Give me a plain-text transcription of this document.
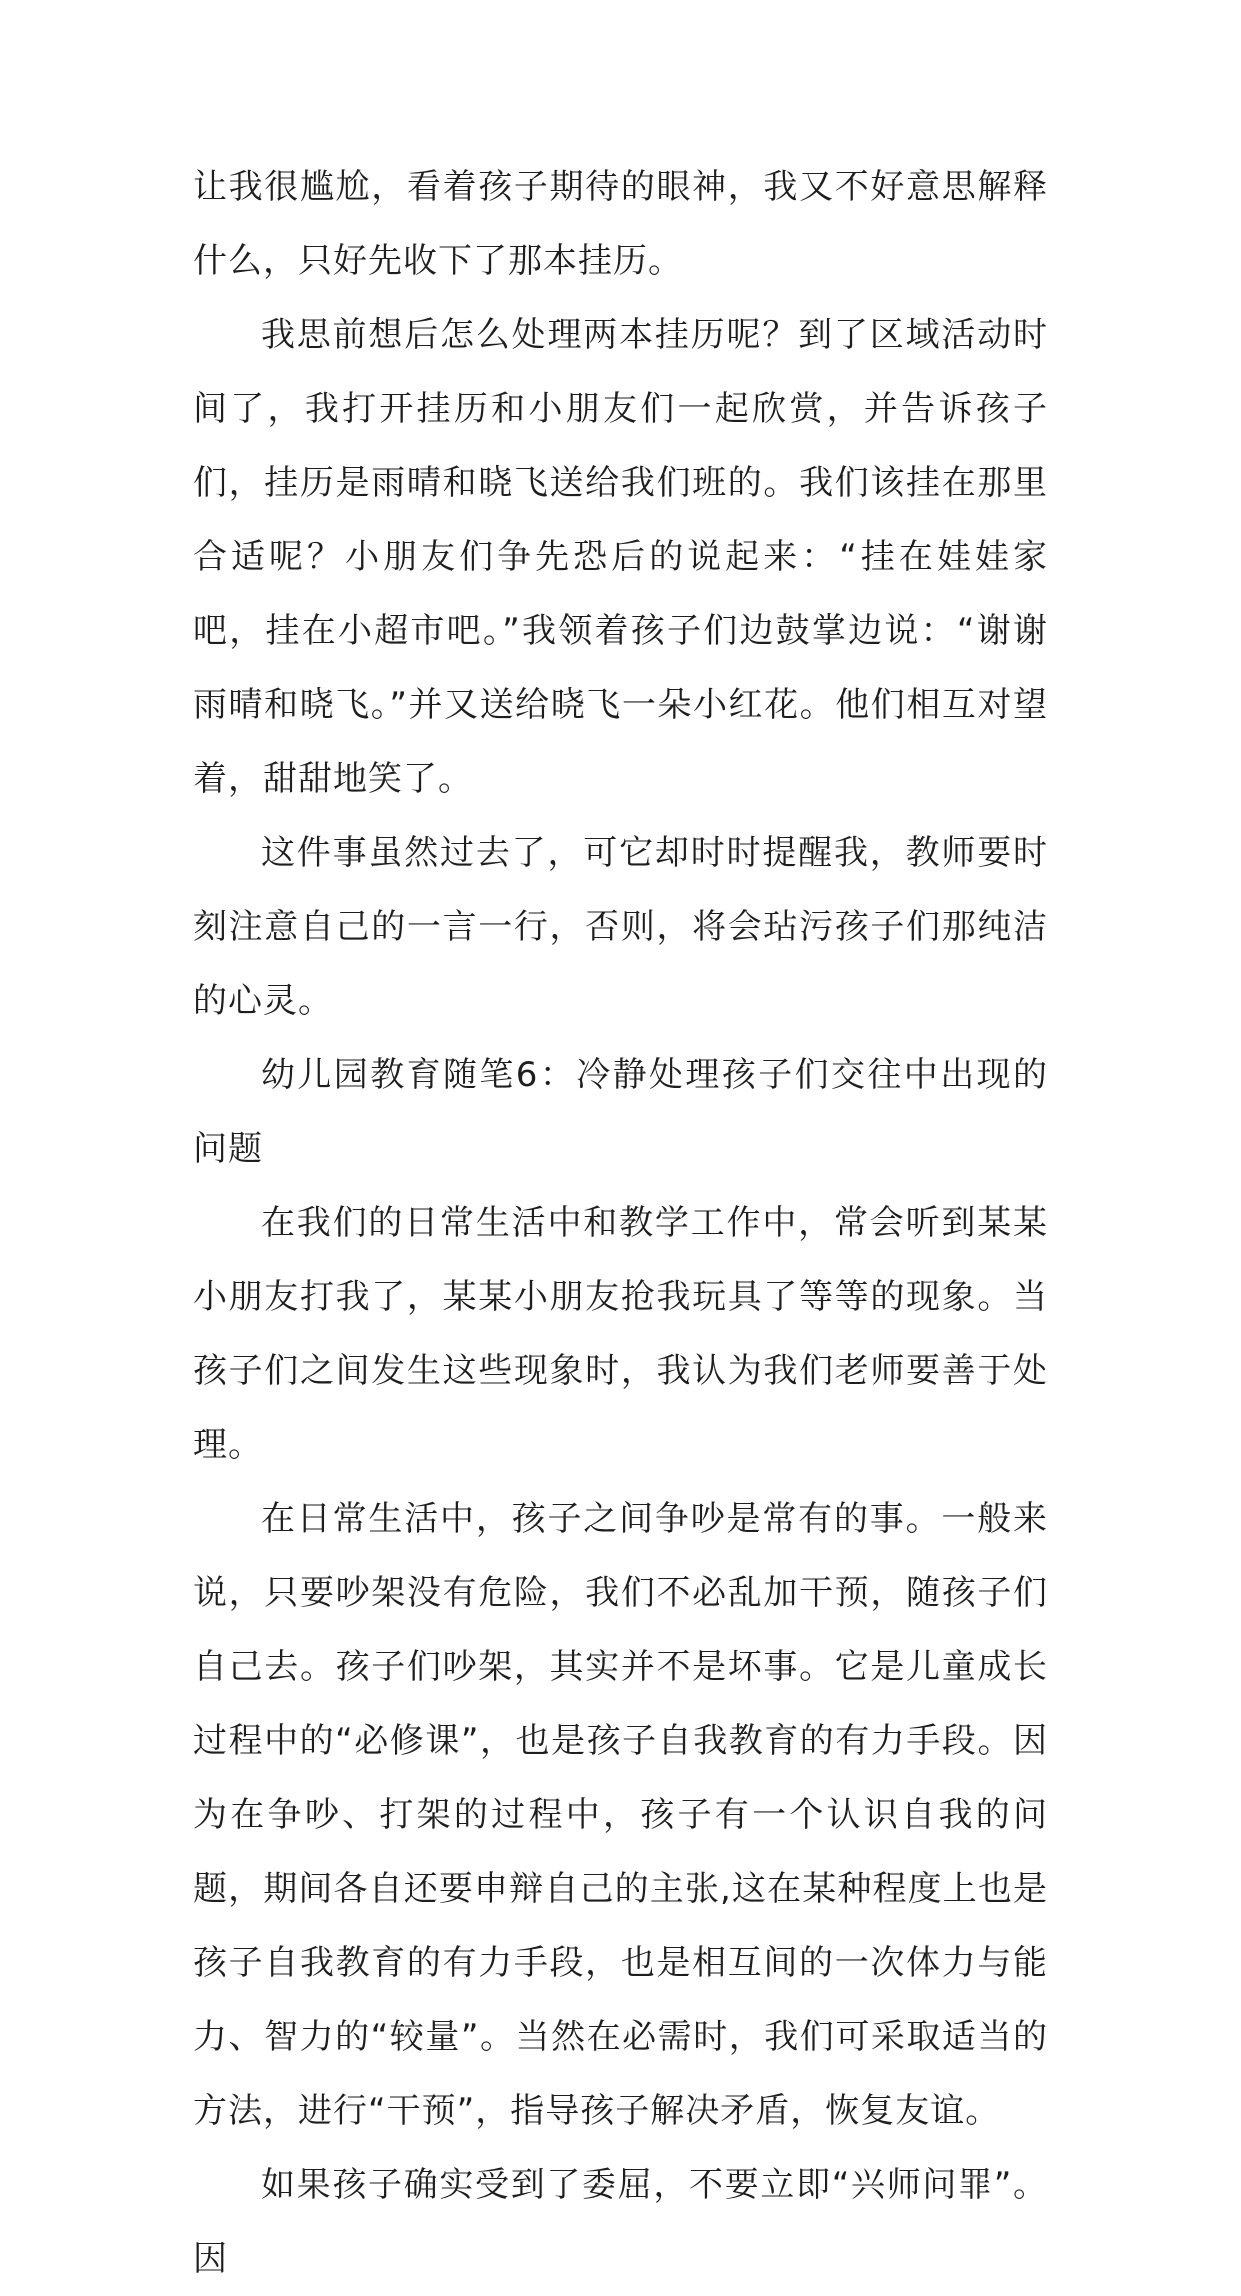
让我很尴尬，看着孩子期待的眼神，我又不好意思解释什么，只好先收下了那本挂历。

我思前想后怎么处理两本挂历呢？到了区域活动时间了，我打开挂历和小朋友们一起欣赏，并告诉孩子们，挂历是雨晴和晓飞送给我们班的。我们该挂在那里合适呢？小朋友们争先恐后的说起来：“挂在娃娃家吧，挂在小超市吧。”我领着孩子们边鼓掌边说：“谢谢雨晴和晓飞。”并又送给晓飞一朵小红花。他们相互对望着，甜甜地笑了。

这件事虽然过去了，可它却时时提醒我，教师要时刻注意自己的一言一行，否则，将会玷污孩子们那纯洁的心灵。

幼儿园教育随笔6：冷静处理孩子们交往中出现的问题

在我们的日常生活中和教学工作中，常会听到某某小朋友打我了，某某小朋友抢我玩具了等等的现象。当孩子们之间发生这些现象时，我认为我们老师要善于处理。

在日常生活中，孩子之间争吵是常有的事。一般来说，只要吵架没有危险，我们不必乱加干预，随孩子们自己去。孩子们吵架，其实并不是坏事。它是儿童成长过程中的“必修课”，也是孩子自我教育的有力手段。因为在争吵、打架的过程中，孩子有一个认识自我的问题，期间各自还要申辩自己的主张,这在某种程度上也是孩子自我教育的有力手段，也是相互间的一次体力与能力、智力的“较量”。当然在必需时，我们可采取适当的方法，进行“干预”，指导孩子解决矛盾，恢复友谊。

如果孩子确实受到了委屈，不要立即“兴师问罪”。因
